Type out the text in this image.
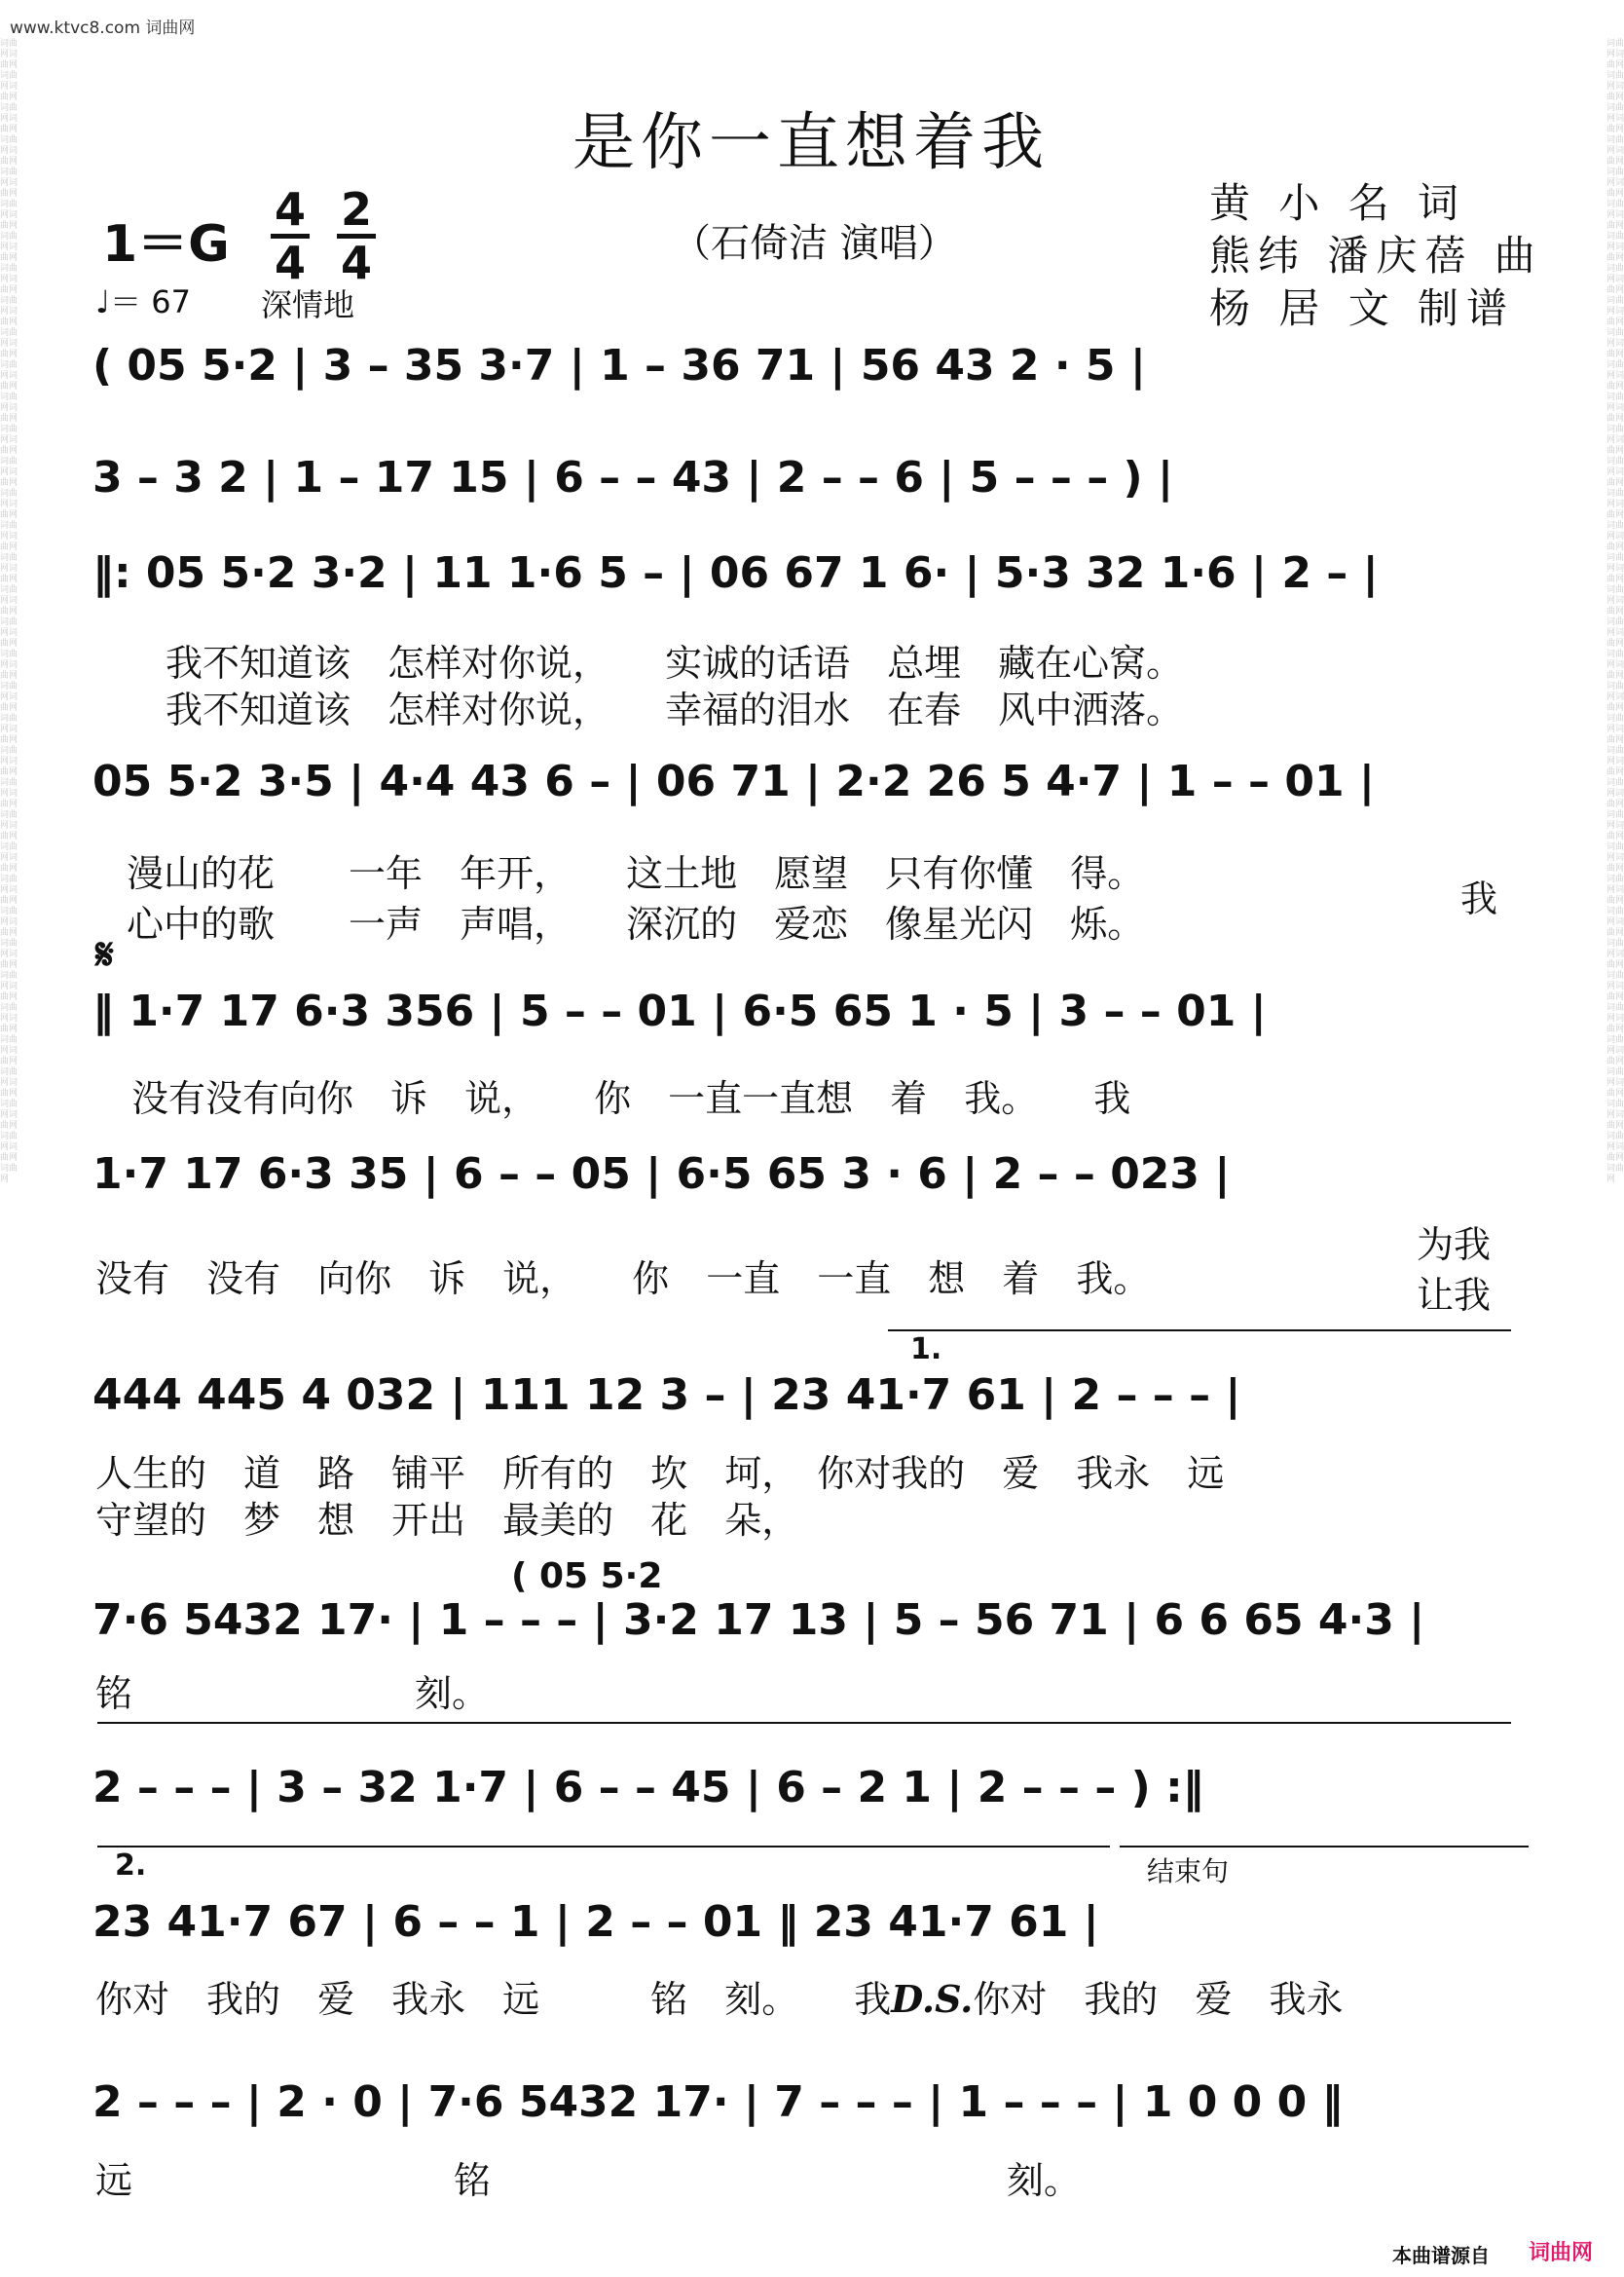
www.ktvc8.com 词曲网
词曲网词曲网词曲网词曲网词曲网词曲网词曲网词曲网词曲网词曲网词曲网词曲网词曲网词曲网词曲网词曲网词曲网词曲网词曲网词曲网词曲网词曲网词曲网词曲网词曲网词曲网词曲网词曲网词曲网词曲网词曲网词曲网词曲网词曲网词曲网词曲网词曲网词曲网词曲网词曲网词曲网词曲网词曲网词曲网词曲网词曲网词曲网词曲网词曲网词曲网词曲网词曲网词曲网词曲网词曲网词曲网词曲网词曲网词曲网词曲网词曲网词曲网词曲网词曲网词曲网词曲网词曲网词曲网词曲网词曲网词曲网
词曲网词曲网词曲网词曲网词曲网词曲网词曲网词曲网词曲网词曲网词曲网词曲网词曲网词曲网词曲网词曲网词曲网词曲网词曲网词曲网词曲网词曲网词曲网词曲网词曲网词曲网词曲网词曲网词曲网词曲网词曲网词曲网词曲网词曲网词曲网词曲网词曲网词曲网词曲网词曲网词曲网词曲网词曲网词曲网词曲网词曲网词曲网词曲网词曲网词曲网词曲网词曲网词曲网词曲网词曲网词曲网词曲网词曲网词曲网词曲网词曲网词曲网词曲网词曲网词曲网词曲网词曲网词曲网词曲网词曲网词曲网
是你一直想着我
1＝G
4
4
2
4
♩＝ 67 深情地
（石倚洁 演唱）
黄 小 名 词
熊纬 潘庆蓓 曲
杨 居 文 制谱
( 05 5·2 | 3 – 35 3·7 | 1 – 36 71 | 56 43 2 · 5 |
3 – 3 2 | 1 – 17 15 | 6 – – 43 | 2 – – 6 | 5 – – – ) |
‖: 05 5·2 3·2 | 11 1·6 5 – | 06 67 1 6· | 5·3 32 1·6 | 2 – |
我不知道该　 怎样对你说，　　 实诚的话语　 总埋　 藏在心窝。
我不知道该　 怎样对你说，　　 幸福的泪水　 在春　 风中洒落。
05 5·2 3·5 | 4·4 43 6 – | 06 71 | 2·2 26 5 4·7 | 1 – – 01 |
漫山的花　　 一年　 年开，　　 这土地　 愿望　 只有你懂　 得。
心中的歌　　 一声　 声唱，　　 深沉的　 爱恋　 像星光闪　 烁。
我
𝄋
‖ 1·7 17 6·3 356 | 5 – – 01 | 6·5 65 1 · 5 | 3 – – 01 |
没有没有向你　 诉　 说，　　 你　 一直一直想　 着　 我。　　 我
1·7 17 6·3 35 | 6 – – 05 | 6·5 65 3 · 6 | 2 – – 023 |
没有　 没有　 向你　 诉　 说，　　 你　 一直　 一直　 想　 着　 我。
为我
让我
1.
444 445 4 032 | 111 12 3 – | 23 41·7 61 | 2 – – – |
人生的　 道　 路　 铺平　 所有的　 坎　 坷，　 你对我的　 爱　 我永　 远
守望的　 梦　 想　 开出　 最美的　 花　 朵，
( 05 5·2
7·6 5432 17· | 1 – – – | 3·2 17 13 | 5 – 56 71 | 6 6 65 4·3 |
铭	刻。
2 – – – | 3 – 32 1·7 | 6 – – 45 | 6 – 2 1 | 2 – – – ) :‖
2.	结束句
23 41·7 67 | 6 – – 1 | 2 – – 01 ‖ 23 41·7 61 |
你对　 我的　 爱　 我永　 远　　　	铭　 刻。　　 我D.S.你对　 我的　 爱　 我永
2 – – – | 2 · 0 | 7·6 5432 17· | 7 – – – | 1 – – – | 1 0 0 0 ‖
远	铭	刻。
本曲谱源自 词曲网
